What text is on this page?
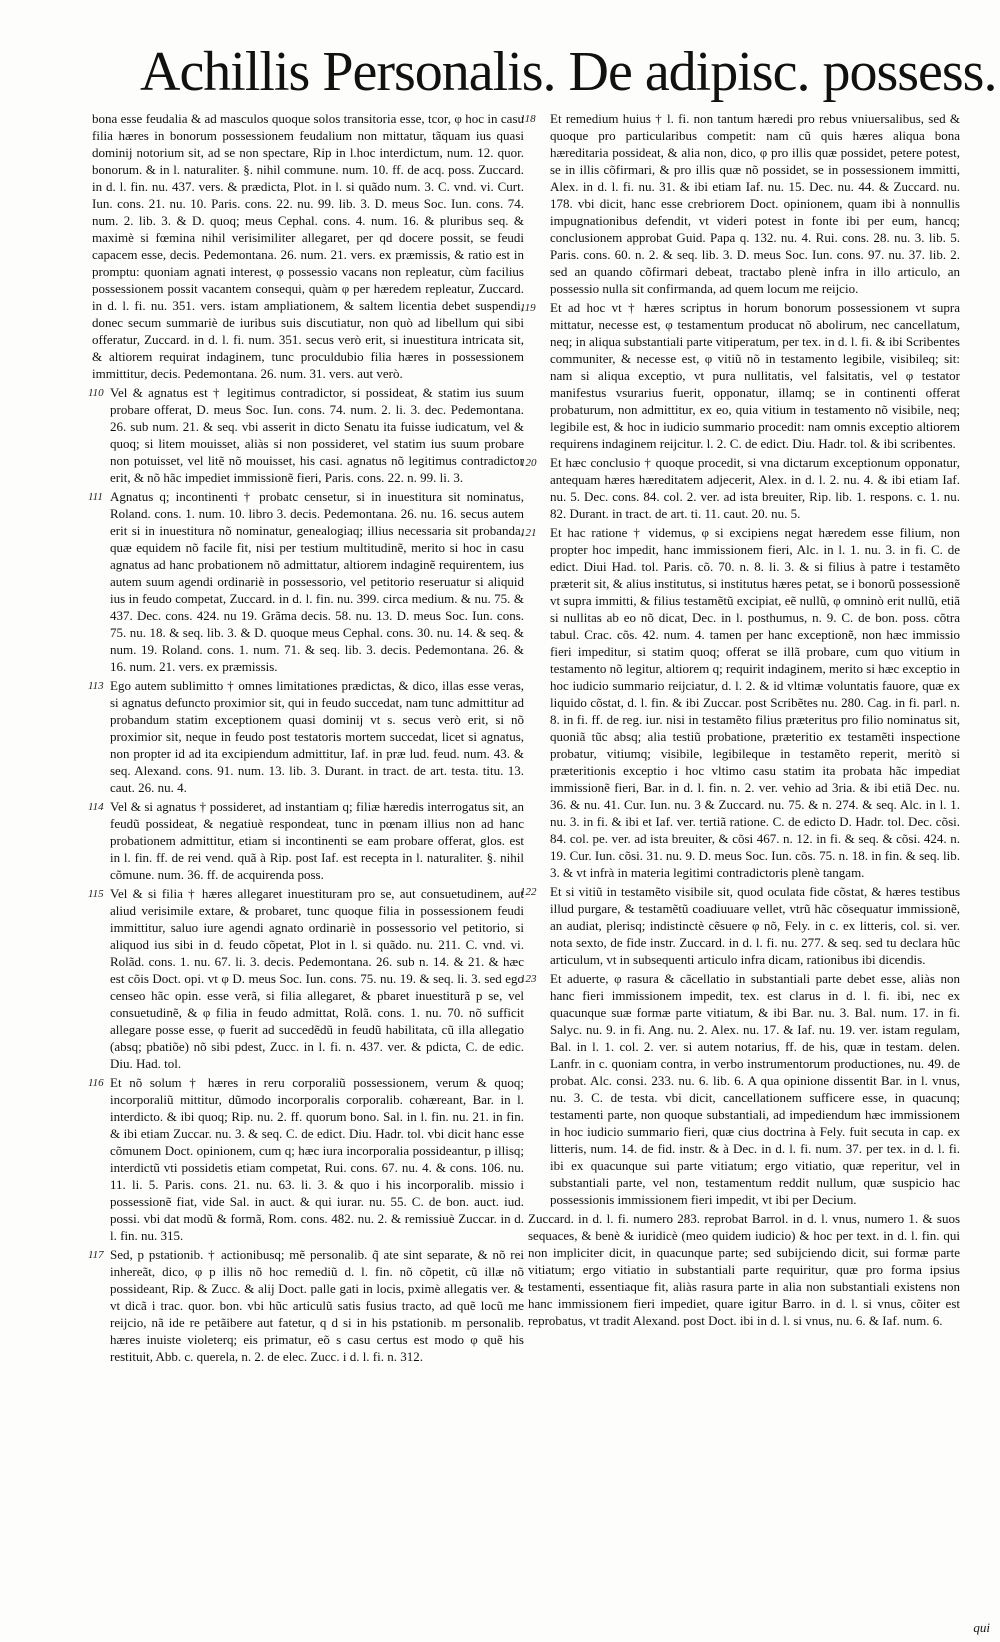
Achillis Personalis. De adipisc. possess.
bona esse feudalia & ad masculos quoque solos transitoria esse, tcor, φ hoc in casu filia hæres in bonorum possessionem feudalium non mittatur, tãquam ius quasi dominij notorium sit, ad se non spectare, Rip in l.hoc interdictum, num. 12. quor. bonorum. & in l. naturaliter. §. nihil commune. num. 10. ff. de acq. poss. Zuccard. in d. l. fin. nu. 437. vers. & prædicta, Plot. in l. si quãdo num. 3. C. vnd. vi. Curt. Iun. cons. 21. nu. 10. Paris. cons. 22. nu. 99. lib. 3. D. meus Soc. Iun. cons. 74. num. 2. lib. 3. & D. quoq; meus Cephal. cons. 4. num. 16. & pluribus seq. & maximè si fœmina nihil verisimiliter allegaret, per qd docere possit, se feudi capacem esse, decis. Pedemontana. 26. num. 21. vers. ex præmissis, & ratio est in promptu: quoniam agnati interest, φ possessio vacans non repleatur, cùm facilius possessionem possit vacantem consequi, quàm φ per hæredem repleatur, Zuccard. in d. l. fi. nu. 351. vers. istam ampliationem, & saltem licentia debet suspendi, donec secum summariè de iuribus suis discutiatur, non quò ad libellum qui sibi offeratur, Zuccard. in d. l. fi. num. 351. secus verò erit, si inuestitura intricata sit, & altiorem requirat indaginem, tunc proculdubio filia hæres in possessionem immittitur, decis. Pedemontana. 26. num. 31. vers. aut verò.
110 Vel & agnatus est † legitimus contradictor, si possideat, & statim ius suum probare offerat, D. meus Soc. Iun. cons. 74. num. 2. li. 3. dec. Pedemontana. 26. sub num. 21. & seq. vbi asserit in dicto Senatu ita fuisse iudicatum, vel & quoq; si litem mouisset, aliàs si non possideret, vel statim ius suum probare non potuisset, vel litẽ nõ mouisset, his casi. agnatus nõ legitimus contradictor erit, & nõ hãc impediet immissionẽ fieri, Paris. cons. 22. n. 99. li. 3.
111 Agnatus q; incontinenti † probatc censetur, si in inuestitura sit nominatus, Roland. cons. 1. num. 10. libro 3. decis. Pedemontana. 26. nu. 16. secus autem erit si in inuestitura nõ nominatur, genealogiaq; illius necessaria sit probanda, quæ equidem nõ facile fit, nisi per testium multitudinẽ, merito si hoc in casu agnatus ad hanc probationem nõ admittatur, altiorem indaginẽ requirentem, ius autem suum agendi ordinariè in possessorio, vel petitorio reseruatur si aliquid ius in feudo competat, Zuccard. in d. l. fin. nu. 399. circa medium. & nu. 75. & 437. Dec. cons. 424. nu 19. Grãma decis. 58. nu. 13. D. meus Soc. Iun. cons. 75. nu. 18. & seq. lib. 3. & D. quoque meus Cephal. cons. 30. nu. 14. & seq. & num. 19. Roland. cons. 1. num. 71. & seq. lib. 3. decis. Pedemontana. 26. & 16. num. 21. vers. ex præmissis.
113 Ego autem sublimitto † omnes limitationes prædictas, & dico, illas esse veras, si agnatus defuncto proximior sit, qui in feudo succedat, nam tunc admittitur ad probandum statim exceptionem quasi dominij vt s. secus verò erit, si nõ proximior sit, neque in feudo post testatoris mortem succedat, licet si agnatus, non propter id ad ita excipiendum admittitur, Iaf. in præ lud. feud. num. 43. & seq. Alexand. cons. 91. num. 13. lib. 3. Durant. in tract. de art. testa. titu. 13. caut. 26. nu. 4.
114 Vel & si agnatus † possideret, ad instantiam q; filiæ hæredis interrogatus sit, an feudũ possideat, & negatiuè respondeat, tunc in pœnam illius non ad hanc probationem admittitur, etiam si incontinenti se eam probare offerat, glos. est in l. fin. ff. de rei vend. quã à Rip. post Iaf. est recepta in l. naturaliter. §. nihil cõmune. num. 36. ff. de acquirenda poss.
115 Vel & si filia † hæres allegaret inuestituram pro se, aut consuetudinem, aut aliud verisimile extare, & probaret, tunc quoque filia in possessionem feudi immittitur, saluo iure agendi agnato ordinariè in possessorio vel petitorio, si aliquod ius sibi in d. feudo cõpetat, Plot in l. si quãdo. nu. 211. C. vnd. vi. Rolãd. cons. 1. nu. 67. li. 3. decis. Pedemontana. 26. sub n. 14. & 21. & hæc est cõis Doct. opi. vt φ D. meus Soc. Iun. cons. 75. nu. 19. & seq. li. 3. sed ego censeo hãc opin. esse verã, si filia allegaret, & pbaret inuestiturã p se, vel consuetudinẽ, & φ filia in feudo admittat, Rolã. cons. 1. nu. 70. nõ sufficit allegare posse esse, φ fuerit ad succedẽdũ in feudũ habilitata, cũ illa allegatio (absq; pbatiõe) nõ sibi pdest, Zucc. in l. fi. n. 437. ver. & pdicta, C. de edic. Diu. Had. tol.
116 Et nõ solum † hæres in reru corporaliũ possessionem, verum & quoq; incorporaliũ mittitur, dũmodo incorporalis corporalib. cohæreant, Bar. in l. interdicto. & ibi quoq; Rip. nu. 2. ff. quorum bono. Sal. in l. fin. nu. 21. in fin. & ibi etiam Zuccar. nu. 3. & seq. C. de edict. Diu. Hadr. tol. vbi dicit hanc esse cõmunem Doct. opinionem, cum q; hæc iura incorporalia possideantur, p illisq; interdictũ vti possidetis etiam competat, Rui. cons. 67. nu. 4. & cons. 106. nu. 11. li. 5. Paris. cons. 21. nu. 63. li. 3. & quo i his incorporalib. missio i possessionẽ fiat, vide Sal. in auct. & qui iurar. nu. 55. C. de bon. auct. iud. possi. vbi dat modũ & formã, Rom. cons. 482. nu. 2. & remissiuè Zuccar. in d. l. fin. nu. 315.
117 Sed, p pstationib. † actionibusq; mẽ personalib. q̃ ate sint separate, & nõ rei inhereãt, dico, φ p illis nõ hoc remediũ d. l. fin. nõ cõpetit, cũ illæ nõ possideant, Rip. & Zucc. & alij Doct. palle gati in locis, pximè allegatis ver. & vt dicã i trac. quor. bon. vbi hũc articulũ satis fusius tracto, ad quẽ locũ me reijcio, nã ide re petãibere aut fatetur, q d si in his pstationib. m personalib. hæres inuiste violeterq; eis primatur, eõ s casu certus est modo φ quẽ his restituit, Abb. c. querela, n. 2. de elec. Zucc. i d. l. fi. n. 312.
118	Et remedium huius † l. fi. non tantum hæredi pro rebus vniuersalibus, sed & quoque pro particularibus competit: nam cũ quis hæres aliqua bona hæreditaria possideat, & alia non, dico, φ pro illis quæ possidet, petere potest, se in illis cõfirmari, & pro illis quæ nõ possidet, se in possessionem immitti, Alex. in d. l. fi. nu. 31. & ibi etiam Iaf. nu. 15. Dec. nu. 44. & Zuccard. nu. 178. vbi dicit, hanc esse crebriorem Doct. opinionem, quam ibi à nonnullis impugnationibus defendit, vt videri potest in fonte ibi per eum, hancq; conclusionem approbat Guid. Papa q. 132. nu. 4. Rui. cons. 28. nu. 3. lib. 5. Paris. cons. 60. n. 2. & seq. lib. 3. D. meus Soc. Iun. cons. 97. nu. 37. lib. 2. sed an quando cõfirmari debeat, tractabo plenè infra in illo articulo, an possessio nulla sit confirmanda, ad quem locum me reijcio.
119	Et ad hoc vt † hæres scriptus in horum bonorum possessionem vt supra mittatur, necesse est, φ testamentum producat nõ abolirum, nec cancellatum, neq; in aliqua substantiali parte vitiperatum, per tex. in d. l. fi. & ibi Scribentes communiter, & necesse est, φ vitiũ nõ in testamento legibile, visibileq; sit: nam si aliqua exceptio, vt pura nullitatis, vel falsitatis, vel φ testator manifestus vsurarius fuerit, opponatur, illamq; se in continenti offerat probaturum, non admittitur, ex eo, quia vitium in testamento nõ visibile, neq; legibile est, & hoc in iudicio summario procedit: nam omnis exceptio altiorem requirens indaginem reijcitur. l. 2. C. de edict. Diu. Hadr. tol. & ibi scribentes.
120	Et hæc conclusio † quoque procedit, si vna dictarum exceptionum opponatur, antequam hæres hæreditatem adjecerit, Alex. in d. l. 2. nu. 4. & ibi etiam Iaf. nu. 5. Dec. cons. 84. col. 2. ver. ad ista breuiter, Rip. lib. 1. respons. c. 1. nu. 82. Durant. in tract. de art. ti. 11. caut. 20. nu. 5.
121	Et hac ratione † videmus, φ si excipiens negat hæredem esse filium, non propter hoc impedit, hanc immissionem fieri, Alc. in l. 1. nu. 3. in fi. C. de edict. Diui Had. tol. Paris. cõ. 70. n. 8. li. 3. & si filius à patre i testamẽto præterit sit, & alius institutus, si institutus hæres petat, se i bonorũ possessionẽ vt supra immitti, & filius testamẽtũ excipiat, eẽ nullũ, φ omninò erit nullũ, etiã si nullitas ab eo nõ dicat, Dec. in l. posthumus, n. 9. C. de bon. poss. cõtra tabul. Crac. cõs. 42. num. 4. tamen per hanc exceptionẽ, non hæc immissio fieri impeditur, si statim quoq; offerat se illã probare, cum quo vitium in testamento nõ legitur, altiorem q; requirit indaginem, merito si hæc exceptio in hoc iudicio summario reijciatur, d. l. 2. & id vltimæ voluntatis fauore, quæ ex liquido cõstat, d. l. fin. & ibi Zuccar. post Scribẽtes nu. 280. Cag. in fi. parl. n. 8. in fi. ff. de reg. iur. nisi in testamẽto filius præteritus pro filio nominatus sit, quoniã tũc absq; alia testiũ probatione, præteritio ex testamẽti inspectione probatur, vitiumq; visibile, legibileque in testamẽto reperit, meritò si præteritionis exceptio i hoc vltimo casu statim ita probata hãc impediat immissionẽ fieri, Bar. in d. l. fin. n. 2. ver. vehio ad 3ria. & ibi etiã Dec. nu. 36. & nu. 41. Cur. Iun. nu. 3 & Zuccard. nu. 75. & n. 274. & seq. Alc. in l. 1. nu. 3. in fi. & ibi et Iaf. ver. tertiã ratione. C. de edicto D. Hadr. tol. Dec. cõsi. 84. col. pe. ver. ad ista breuiter, & cõsi 467. n. 12. in fi. & seq. & cõsi. 424. n. 19. Cur. Iun. cõsi. 31. nu. 9. D. meus Soc. Iun. cõs. 75. n. 18. in fin. & seq. lib. 3. & vt infrà in materia legitimi contradictoris plenè tangam.
122	Et si vitiũ in testamẽto visibile sit, quod oculata fide cõstat, & hæres testibus illud purgare, & testamẽtũ coadiuuare vellet, vtrũ hãc cõsequatur immissionẽ, an audiat, plerisq; indistinctè cẽsuere φ nõ, Fely. in c. ex litteris, col. si. ver. nota sexto, de fide instr. Zuccard. in d. l. fi. nu. 277. & seq. sed tu declara hũc articulum, vt in subsequenti articulo infra dicam, rationibus ibi dicendis.
123	Et aduerte, φ rasura & cãcellatio in substantiali parte debet esse, aliàs non hanc fieri immissionem impedit, tex. est clarus in d. l. fi. ibi, nec ex quacunque suæ formæ parte vitiatum, & ibi Bar. nu. 3. Bal. num. 17. in fi. Salyc. nu. 9. in fi. Ang. nu. 2. Alex. nu. 17. & Iaf. nu. 19. ver. istam regulam, Bal. in l. 1. col. 2. ver. si autem notarius, ff. de his, quæ in testam. delen. Lanfr. in c. quoniam contra, in verbo instrumentorum productiones, nu. 49. de probat. Alc. consi. 233. nu. 6. lib. 6. A qua opinione dissentit Bar. in l. vnus, nu. 3. C. de testa. vbi dicit, cancellationem sufficere esse, in quacunq; testamenti parte, non quoque substantiali, ad impediendum hæc immissionem in hoc iudicio summario fieri, quæ cius doctrina à Fely. fuit secuta in cap. ex litteris, num. 14. de fid. instr. & à Dec. in d. l. fi. num. 37. per tex. in d. l. fi. ibi ex quacunque sui parte vitiatum; ergo vitiatio, quæ reperitur, vel in substantiali parte, vel non, testamentum reddit nullum, quæ suspicio hac possessionis immissionem fieri impedit, vt ibi per Decium.
Zuccard. in d. l. fi. numero 283. reprobat Barrol. in d. l. vnus, numero 1. & suos sequaces, & benè & iuridicè (meo quidem iudicio) & hoc per text. in d. l. fin. qui non impliciter dicit, in quacunque parte; sed subijciendo dicit, sui formæ parte vitiatum; ergo vitiatio in substantiali parte requiritur, quæ pro forma ipsius testamenti, essentiaque fit, aliàs rasura parte in alia non substantiali existens non hanc immissionem fieri impediet, quare igitur Barro. in d. l. si vnus, cõiter est reprobatus, vt tradit Alexand. post Doct. ibi in d. l. si vnus, nu. 6. & Iaf. num. 6.
qui
